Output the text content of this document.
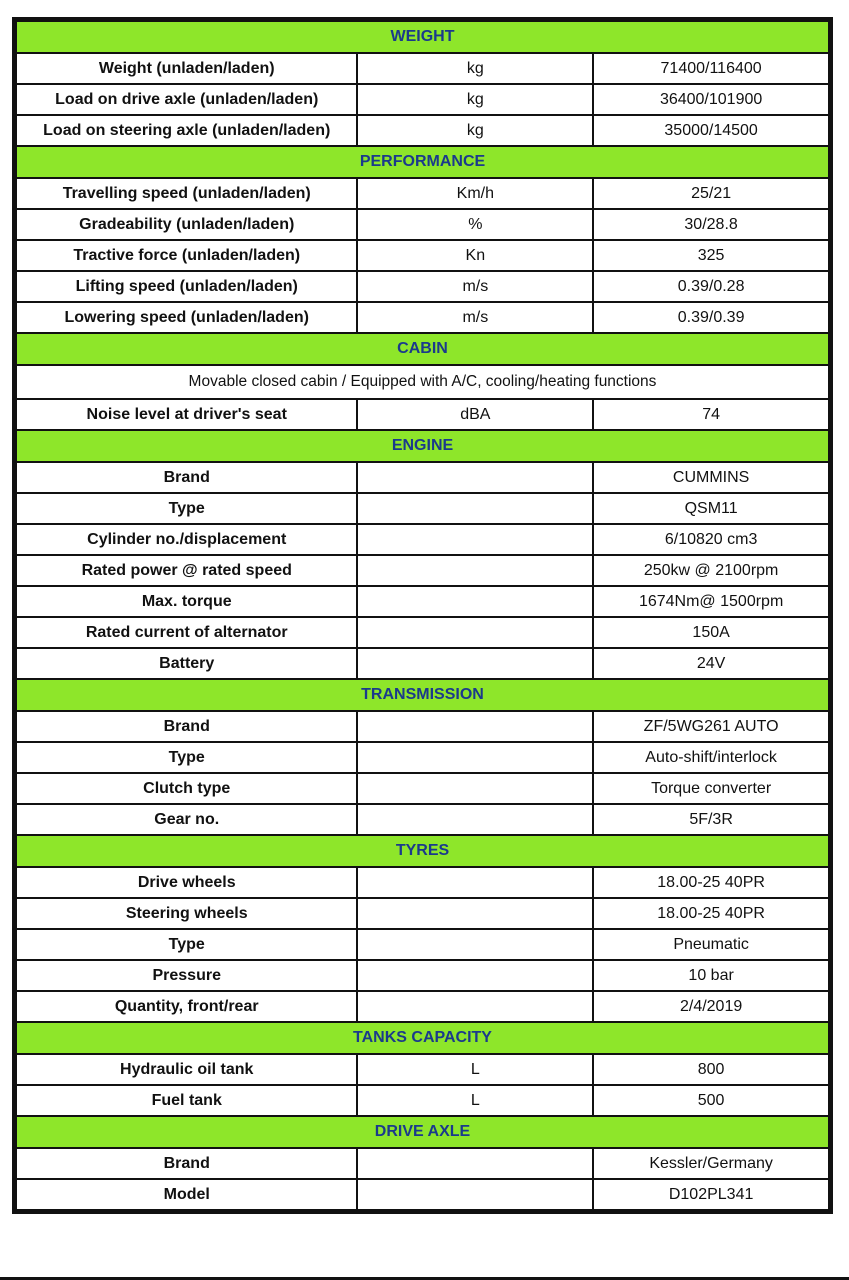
WEIGHT		
Weight (unladen/laden)	kg	71400/116400
Load on drive axle (unladen/laden)	kg	36400/101900
Load on steering axle (unladen/laden)	kg	35000/14500
PERFORMANCE		
Travelling speed (unladen/laden)	Km/h	25/21
Gradeability (unladen/laden)	%	30/28.8
Tractive force (unladen/laden)	Kn	325
Lifting speed (unladen/laden)	m/s	0.39/0.28
Lowering speed (unladen/laden)	m/s	0.39/0.39
CABIN		
Movable closed cabin / Equipped with A/C, cooling/heating functions		
Noise level at driver's seat	dBA	74
ENGINE		
Brand		CUMMINS
Type		QSM11
Cylinder no./displacement		6/10820 cm3
Rated power @ rated speed		250kw @ 2100rpm
Max. torque		1674Nm@ 1500rpm
Rated current of alternator		150A
Battery		24V
TRANSMISSION		
Brand		ZF/5WG261 AUTO
Type		Auto-shift/interlock
Clutch type		Torque converter
Gear no.		5F/3R
TYRES		
Drive wheels		18.00-25 40PR
Steering wheels		18.00-25 40PR
Type		Pneumatic
Pressure		10 bar
Quantity, front/rear		2/4/2019
TANKS CAPACITY		
Hydraulic oil tank	L	800
Fuel tank	L	500
DRIVE AXLE		
Brand		Kessler/Germany
Model		D102PL341
